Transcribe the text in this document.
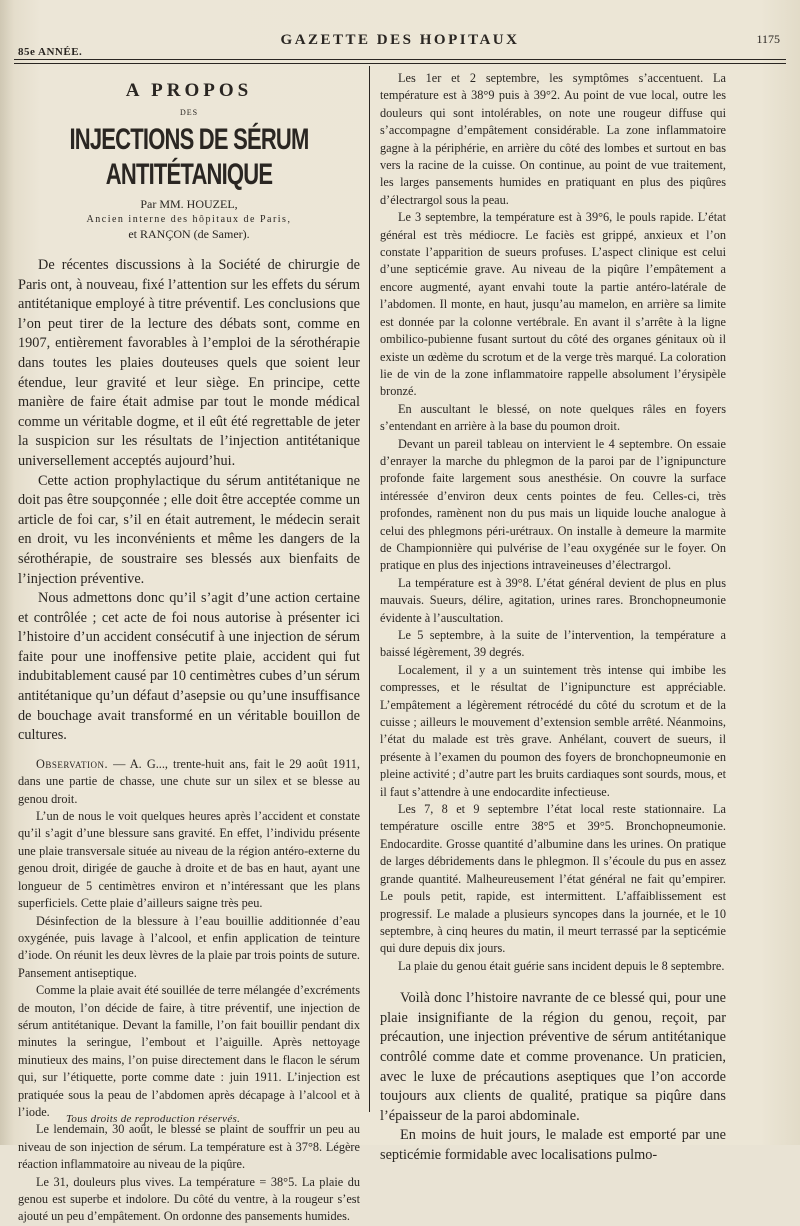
85e ANNÉE.
GAZETTE DES HOPITAUX	1175
A PROPOS
DES
INJECTIONS DE SÉRUM ANTITÉTANIQUE
Par MM. HOUZEL,
Ancien interne des hôpitaux de Paris,
et RANÇON (de Samer).

De récentes discussions à la Société de chirurgie de Paris ont, à nouveau, fixé l’attention sur les effets du sérum antitétanique employé à titre préventif. Les conclusions que l’on peut tirer de la lecture des débats sont, comme en 1907, entièrement favorables à l’emploi de la sérothérapie dans toutes les plaies douteuses quels que soient leur étendue, leur gravité et leur siège. En principe, cette manière de faire était admise par tout le monde médical comme un véritable dogme, et il eût été regrettable de jeter la suspicion sur les résultats de l’injection antitétanique universellement acceptés aujourd’hui.

Cette action prophylactique du sérum antitétanique ne doit pas être soupçonnée ; elle doit être acceptée comme un article de foi car, s’il en était autrement, le médecin serait en droit, vu les inconvénients et même les dangers de la sérothérapie, de soustraire ses blessés aux bienfaits de l’injection préventive.

Nous admettons donc qu’il s’agit d’une action certaine et contrôlée ; cet acte de foi nous autorise à présenter ici l’histoire d’un accident consécutif à une injection de sérum faite pour une inoffensive petite plaie, accident qui fut indubitablement causé par 10 centimètres cubes d’un sérum antitétanique qu’un défaut d’asepsie ou qu’une insuffisance de bouchage avait transformé en un véritable bouillon de cultures.

Observation. — A. G..., trente-huit ans, fait le 29 août 1911, dans une partie de chasse, une chute sur un silex et se blesse au genou droit.

L’un de nous le voit quelques heures après l’accident et constate qu’il s’agit d’une blessure sans gravité. En effet, l’individu présente une plaie transversale située au niveau de la région antéro-externe du genou droit, dirigée de gauche à droite et de bas en haut, ayant une longueur de 5 centimètres environ et n’intéressant que les plans superficiels. Cette plaie d’ailleurs saigne très peu.

Désinfection de la blessure à l’eau bouillie additionnée d’eau oxygénée, puis lavage à l’alcool, et enfin application de teinture d’iode. On réunit les deux lèvres de la plaie par trois points de suture. Pansement antiseptique.

Comme la plaie avait été souillée de terre mélangée d’excréments de mouton, l’on décide de faire, à titre préventif, une injection de sérum antitétanique. Devant la famille, l’on fait bouillir pendant dix minutes la seringue, l’embout et l’aiguille. Après nettoyage minutieux des mains, l’on puise directement dans le flacon le sérum qui, sur l’étiquette, porte comme date : juin 1911. L’injection est pratiquée sous la peau de l’abdomen après décapage à l’alcool et à l’iode.

Le lendemain, 30 août, le blessé se plaint de souffrir un peu au niveau de son injection de sérum. La température est à 37°8. Légère réaction inflammatoire au niveau de la piqûre.

Le 31, douleurs plus vives. La température = 38°5. La plaie du genou est superbe et indolore. Du côté du ventre, à la rougeur s’est ajouté un peu d’empâtement. On ordonne des pansements humides.

Les 1er et 2 septembre, les symptômes s’accentuent. La température est à 38°9 puis à 39°2. Au point de vue local, outre les douleurs qui sont intolérables, on note une rougeur diffuse qui s’accompagne d’empâtement considérable. La zone inflammatoire gagne à la périphérie, en arrière du côté des lombes et surtout en bas vers la racine de la cuisse. On continue, au point de vue traitement, les larges pansements humides en pratiquant en plus des piqûres d’électrargol sous la peau.

Le 3 septembre, la température est à 39°6, le pouls rapide. L’état général est très médiocre. Le faciès est grippé, anxieux et l’on constate l’apparition de sueurs profuses. L’aspect clinique est celui d’une septicémie grave. Au niveau de la piqûre l’empâtement a encore augmenté, ayant envahi toute la partie antéro-latérale de l’abdomen. Il monte, en haut, jusqu’au mamelon, en arrière sa limite est donnée par la colonne vertébrale. En avant il s’arrête à la ligne ombilico-pubienne fusant surtout du côté des organes génitaux où il existe un œdème du scrotum et de la verge très marqué. La coloration lie de vin de la zone inflammatoire rappelle absolument l’érysipèle bronzé.

En auscultant le blessé, on note quelques râles en foyers s’entendant en arrière à la base du poumon droit.

Devant un pareil tableau on intervient le 4 septembre. On essaie d’enrayer la marche du phlegmon de la paroi par de l’ignipuncture profonde faite largement sous anesthésie. On couvre la surface intéressée d’environ deux cents pointes de feu. Celles-ci, très profondes, ramènent non du pus mais un liquide louche analogue à celui des phlegmons péri-urétraux. On installe à demeure la marmite de Championnière qui pulvérise de l’eau oxygénée sur le foyer. On pratique en plus des injections intraveineuses d’électrargol.

La température est à 39°8. L’état général devient de plus en plus mauvais. Sueurs, délire, agitation, urines rares. Bronchopneumonie évidente à l’auscultation.

Le 5 septembre, à la suite de l’intervention, la température a baissé légèrement, 39 degrés.

Localement, il y a un suintement très intense qui imbibe les compresses, et le résultat de l’ignipuncture est appréciable. L’empâtement a légèrement rétrocédé du côté du scrotum et de la cuisse ; ailleurs le mouvement d’extension semble arrêté. Néanmoins, l’état du malade est très grave. Anhélant, couvert de sueurs, il présente à l’examen du poumon des foyers de bronchopneumonie en pleine activité ; d’autre part les bruits cardiaques sont sourds, mous, et il faut s’attendre à une endocardite infectieuse.

Les 7, 8 et 9 septembre l’état local reste stationnaire. La température oscille entre 38°5 et 39°5. Bronchopneumonie. Endocardite. Grosse quantité d’albumine dans les urines. On pratique de larges débridements dans le phlegmon. Il s’écoule du pus en assez grande quantité. Malheureusement l’état général ne fait qu’empirer. Le pouls petit, rapide, est intermittent. L’affaiblissement est progressif. Le malade a plusieurs syncopes dans la journée, et le 10 septembre, à cinq heures du matin, il meurt terrassé par la septicémie qui dure depuis dix jours.

La plaie du genou était guérie sans incident depuis le 8 septembre.

Voilà donc l’histoire navrante de ce blessé qui, pour une plaie insignifiante de la région du genou, reçoit, par précaution, une injection préventive de sérum antitétanique contrôlé comme date et comme provenance. Un praticien, avec le luxe de précautions aseptiques que l’on accorde toujours aux clients de qualité, pratique sa piqûre dans l’épaisseur de la paroi abdominale.

En moins de huit jours, le malade est emporté par une septicémie formidable avec localisations pulmo-

Tous droits de reproduction réservés.
